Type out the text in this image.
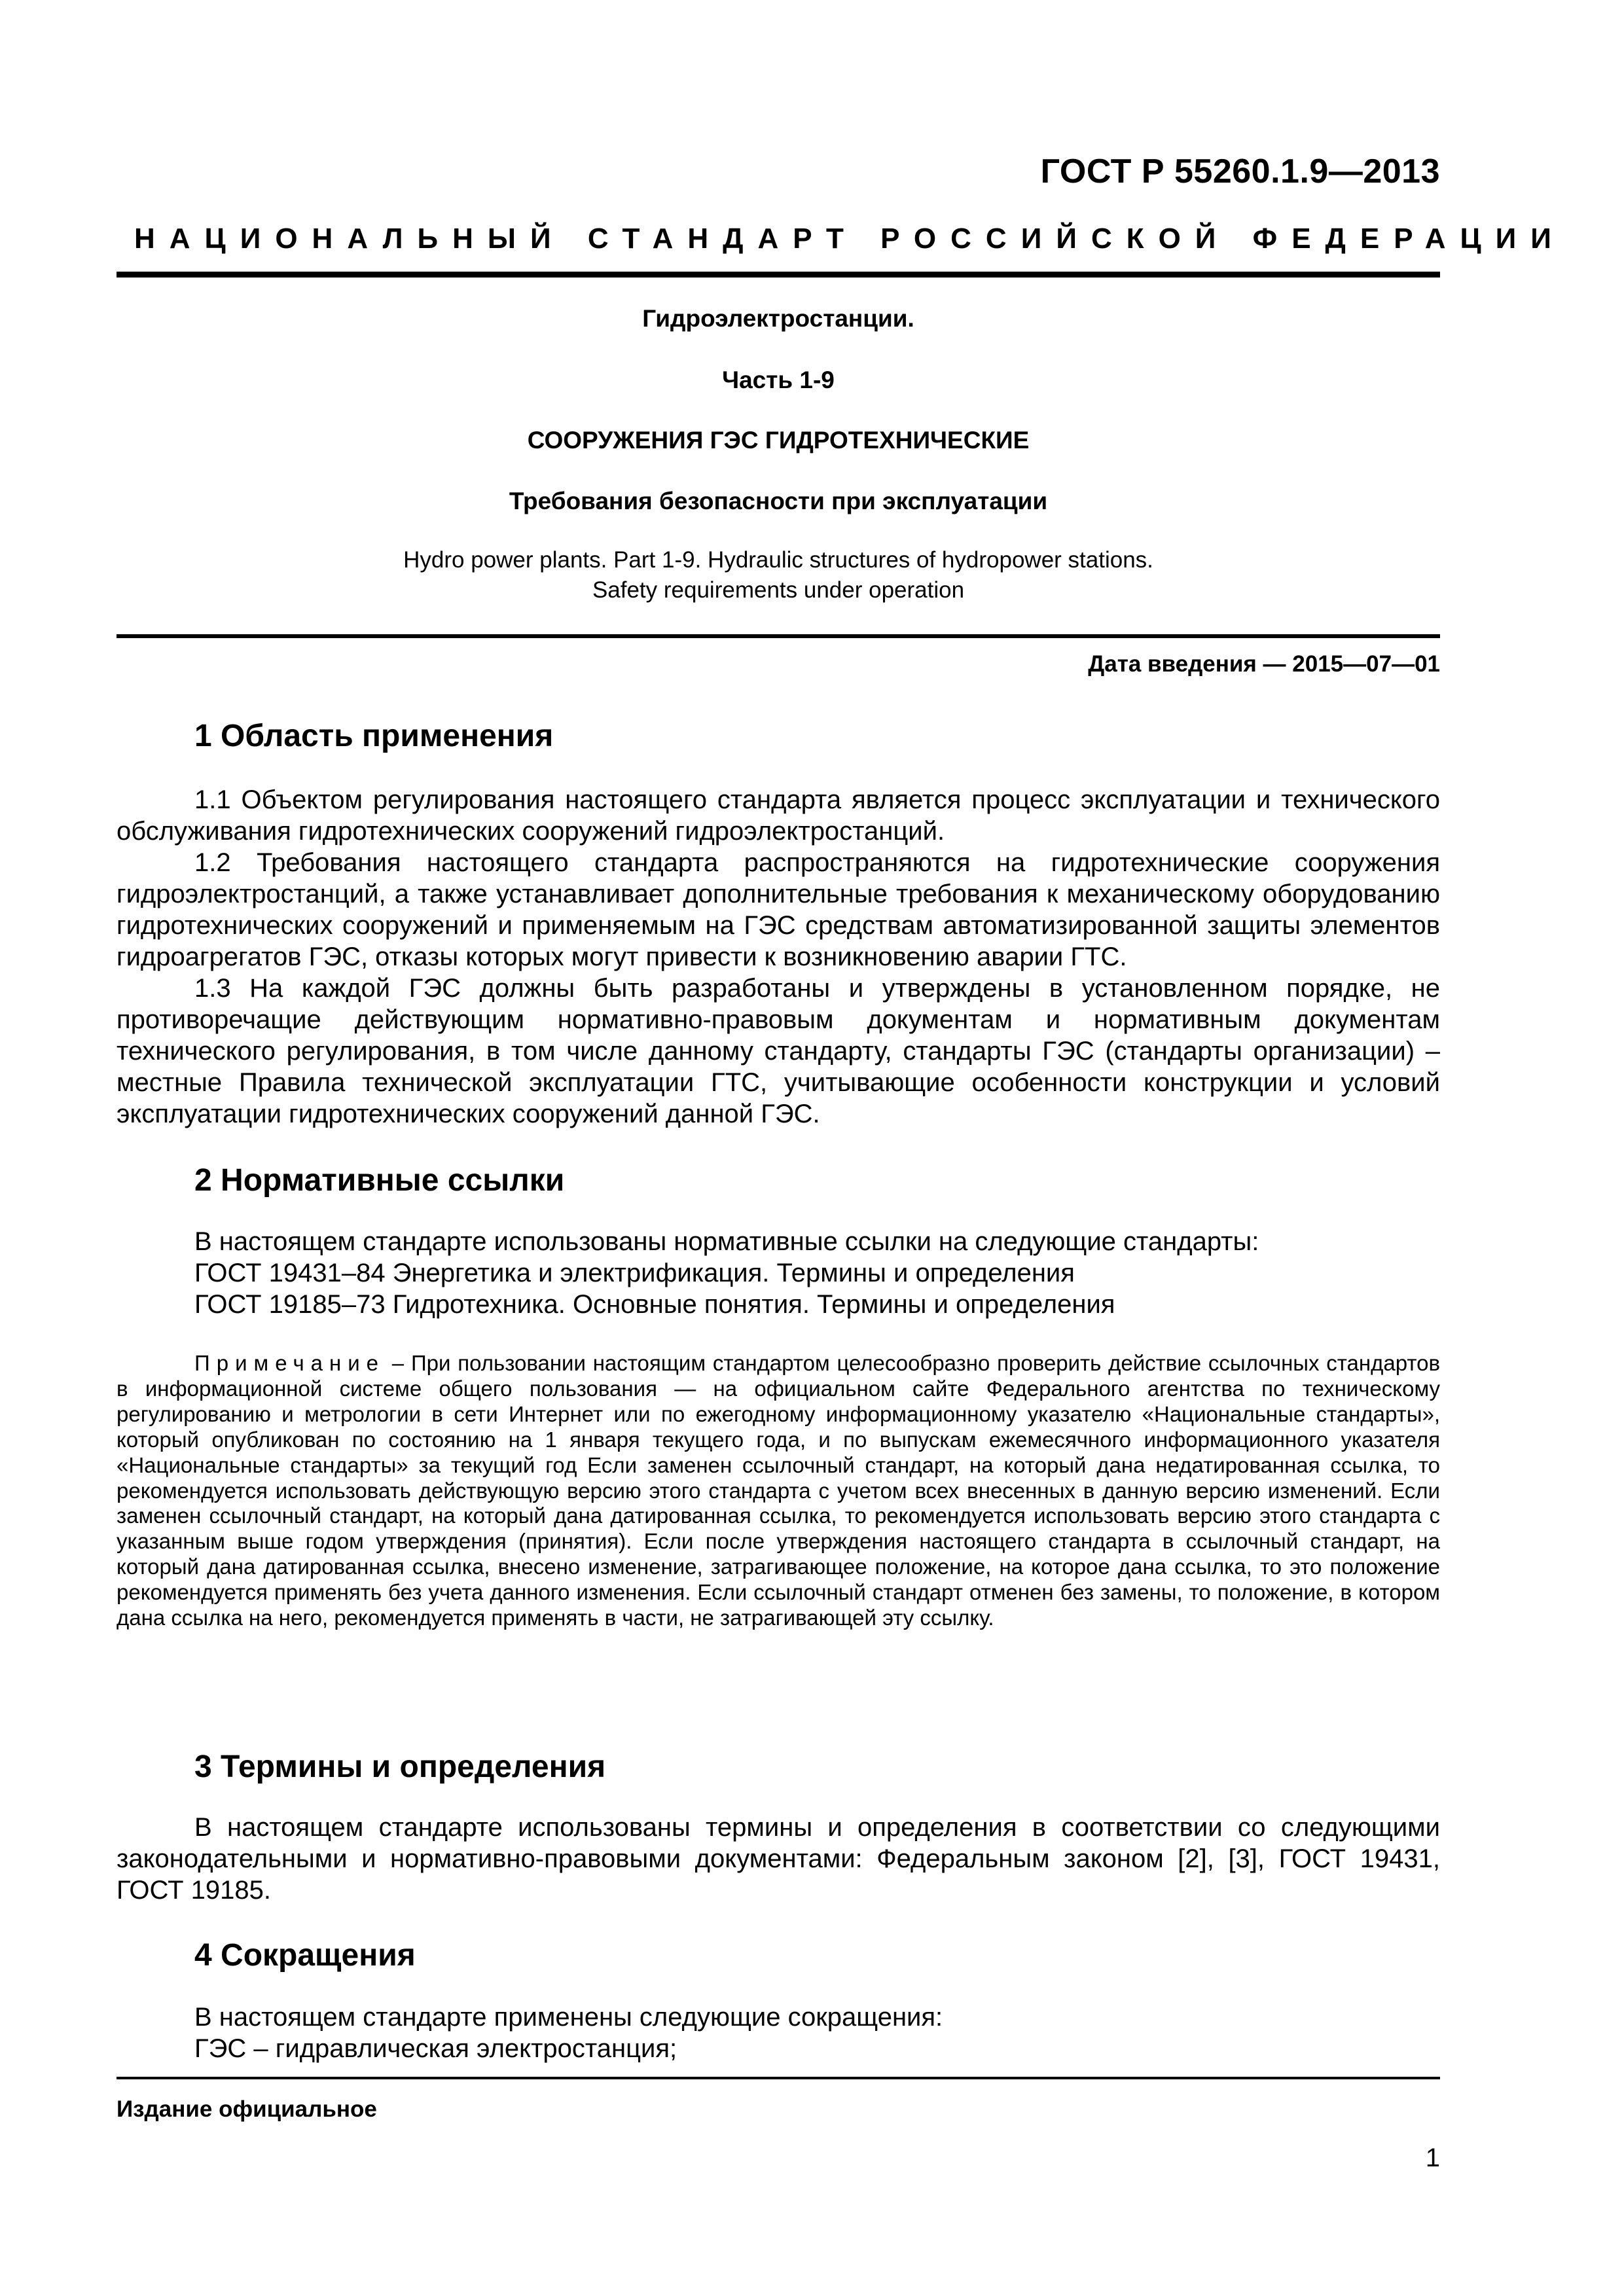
ГОСТ Р 55260.1.9—2013
НАЦИОНАЛЬНЫЙ СТАНДАРТ РОССИЙСКОЙ ФЕДЕРАЦИИ
Гидроэлектростанции.
Часть 1-9
СООРУЖЕНИЯ ГЭС ГИДРОТЕХНИЧЕСКИЕ
Требования безопасности при эксплуатации
Hydro power plants. Part 1-9. Hydraulic structures of hydropower stations.
Safety requirements under operation
Дата введения — 2015—07—01
1 Область применения

1.1 Объектом регулирования настоящего стандарта является процесс эксплуатации и технического обслуживания гидротехнических сооружений гидроэлектростанций.

1.2 Требования настоящего стандарта распространяются на гидротехнические сооружения гидроэлектростанций, а также устанавливает дополнительные требования к механическому оборудованию гидротехнических сооружений и применяемым на ГЭС средствам автоматизированной защиты элементов гидроагрегатов ГЭС, отказы которых могут привести к возникновению аварии ГТС.

1.3 На каждой ГЭС должны быть разработаны и утверждены в установленном порядке, не противоречащие действующим нормативно-правовым документам и нормативным документам технического регулирования, в том числе данному стандарту, стандарты ГЭС (стандарты организации) – местные Правила технической эксплуатации ГТС, учитывающие особенности конструкции и условий эксплуатации гидротехнических сооружений данной ГЭС.

2 Нормативные ссылки

В настоящем стандарте использованы нормативные ссылки на следующие стандарты:

ГОСТ 19431–84 Энергетика и электрификация. Термины и определения

ГОСТ 19185–73 Гидротехника. Основные понятия. Термины и определения

Примечание – При пользовании настоящим стандартом целесообразно проверить действие ссылочных стандартов в информационной системе общего пользования — на официальном сайте Федерального агентства по техническому регулированию и метрологии в сети Интернет или по ежегодному информационному указателю «Национальные стандарты», который опубликован по состоянию на 1 января текущего года, и по выпускам ежемесячного информационного указателя «Национальные стандарты» за текущий год Если заменен ссылочный стандарт, на который дана недатированная ссылка, то рекомендуется использовать действующую версию этого стандарта с учетом всех внесенных в данную версию изменений. Если заменен ссылочный стандарт, на который дана датированная ссылка, то рекомендуется использовать версию этого стандарта с указанным выше годом утверждения (принятия). Если после утверждения настоящего стандарта в ссылочный стандарт, на который дана датированная ссылка, внесено изменение, затрагивающее положение, на которое дана ссылка, то это положение рекомендуется применять без учета данного изменения. Если ссылочный стандарт отменен без замены, то положение, в котором дана ссылка на него, рекомендуется применять в части, не затрагивающей эту ссылку.

3 Термины и определения

В настоящем стандарте использованы термины и определения в соответствии со следующими законодательными и нормативно-правовыми документами: Федеральным законом [2], [3], ГОСТ 19431, ГОСТ 19185.

4 Сокращения

В настоящем стандарте применены следующие сокращения:

ГЭС – гидравлическая электростанция;

Издание официальное
1
